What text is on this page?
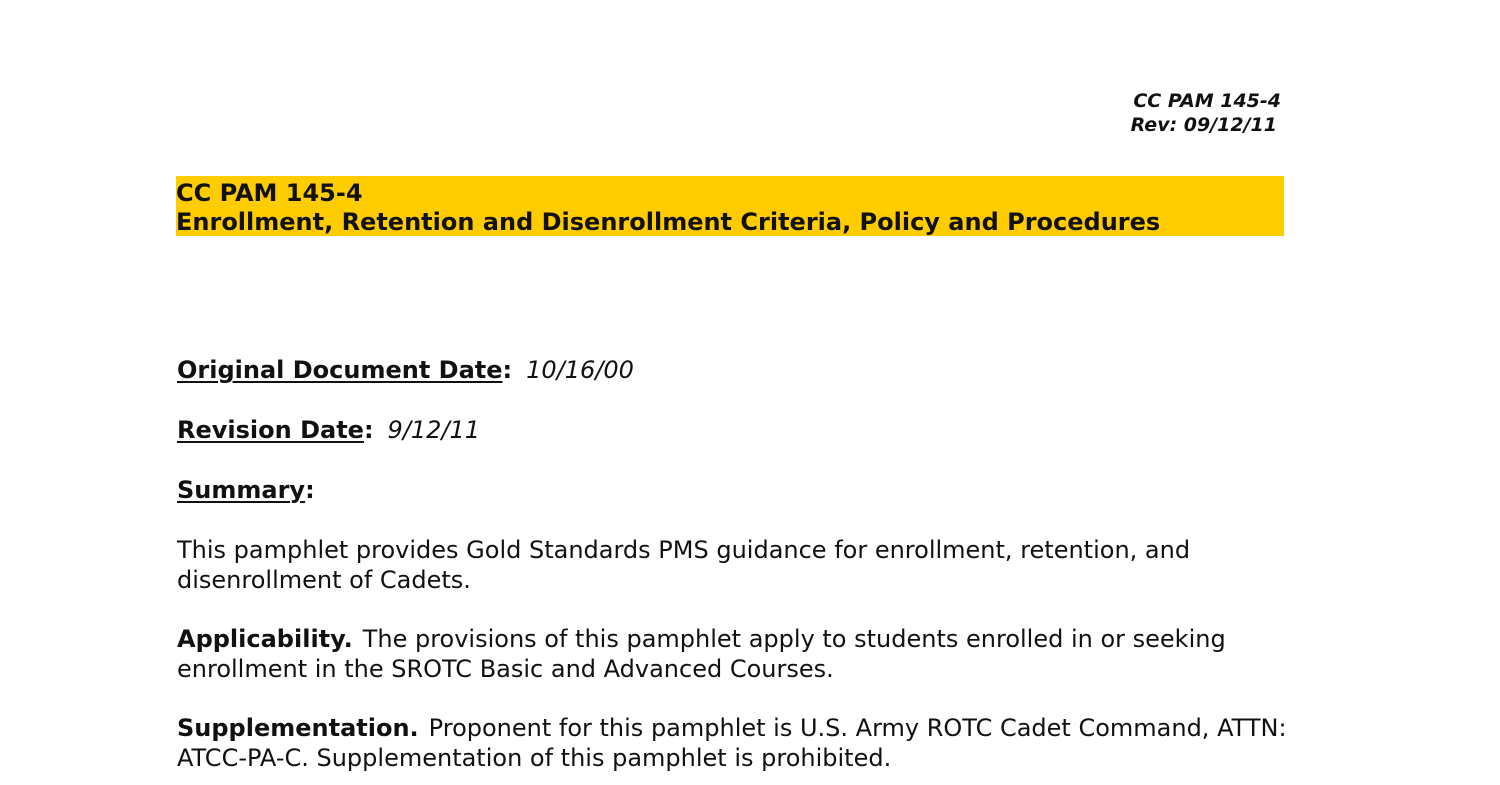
CC PAM 145-4
Rev: 09/12/11
CC PAM 145-4
Enrollment, Retention and Disenrollment Criteria, Policy and Procedures
Original Document Date: 10/16/00
Revision Date: 9/12/11
Summary:
This pamphlet provides Gold Standards PMS guidance for enrollment, retention, and disenrollment of Cadets.
Applicability. The provisions of this pamphlet apply to students enrolled in or seeking enrollment in the SROTC Basic and Advanced Courses.
Supplementation. Proponent for this pamphlet is U.S. Army ROTC Cadet Command, ATTN: ATCC-PA-C. Supplementation of this pamphlet is prohibited.
